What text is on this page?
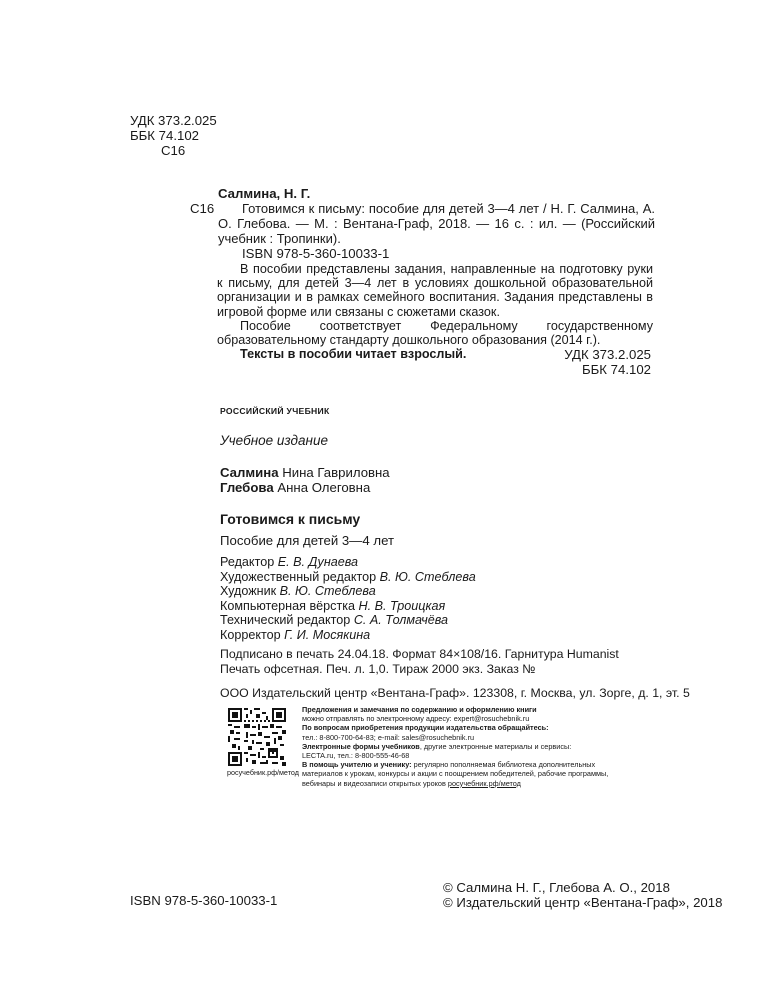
УДК 373.2.025
ББК 74.102
С16
Салмина, Н. Г.
С16	Готовимся к письму: пособие для детей 3—4 лет / Н. Г. Салмина, А. О. Глебова. — М. : Вентана-Граф, 2018. — 16 с. : ил. — (Российский учебник : Тропинки).
ISBN 978-5-360-10033-1

В пособии представлены задания, направленные на подготовку руки к письму, для детей 3—4 лет в условиях дошкольной образовательной организации и в рамках семейного воспитания. Задания представлены в игровой форме или связаны с сюжетами сказок.

Пособие соответствует Федеральному государственному образовательному стандарту дошкольного образования (2014 г.).

Тексты в пособии читает взрослый.	УДК 373.2.025
ББК 74.102
РОССИЙСКИЙ УЧЕБНИК
Учебное издание
Салмина Нина Гавриловна
Глебова Анна Олеговна
Готовимся к письму
Пособие для детей 3—4 лет
Редактор Е. В. Дунаева
Художественный редактор В. Ю. Стеблева
Художник В. Ю. Стеблева
Компьютерная вёрстка Н. В. Троицкая
Технический редактор С. А. Толмачёва
Корректор Г. И. Мосякина
Подписано в печать 24.04.18. Формат 84×108/16. Гарнитура Humanist
Печать офсетная. Печ. л. 1,0. Тираж 2000 экз. Заказ №
ООО Издательский центр «Вентана-Граф». 123308, г. Москва, ул. Зорге, д. 1, эт. 5
росучебник.рф/метод
Предложения и замечания по содержанию и оформлению книги
можно отправлять по электронному адресу: expert@rosuchebnik.ru
По вопросам приобретения продукции издательства обращайтесь:
тел.: 8-800-700-64-83; e-mail: sales@rosuchebnik.ru
Электронные формы учебников, другие электронные материалы и сервисы:
LECTA.ru, тел.: 8-800-555-46-68
В помощь учителю и ученику: регулярно пополняемая библиотека дополнительных
материалов к урокам, конкурсы и акции с поощрением победителей, рабочие программы,
вебинары и видеозаписи открытых уроков росучебник.рф/метод
ISBN 978-5-360-10033-1
© Салмина Н. Г., Глебова А. О., 2018
© Издательский центр «Вентана-Граф», 2018
